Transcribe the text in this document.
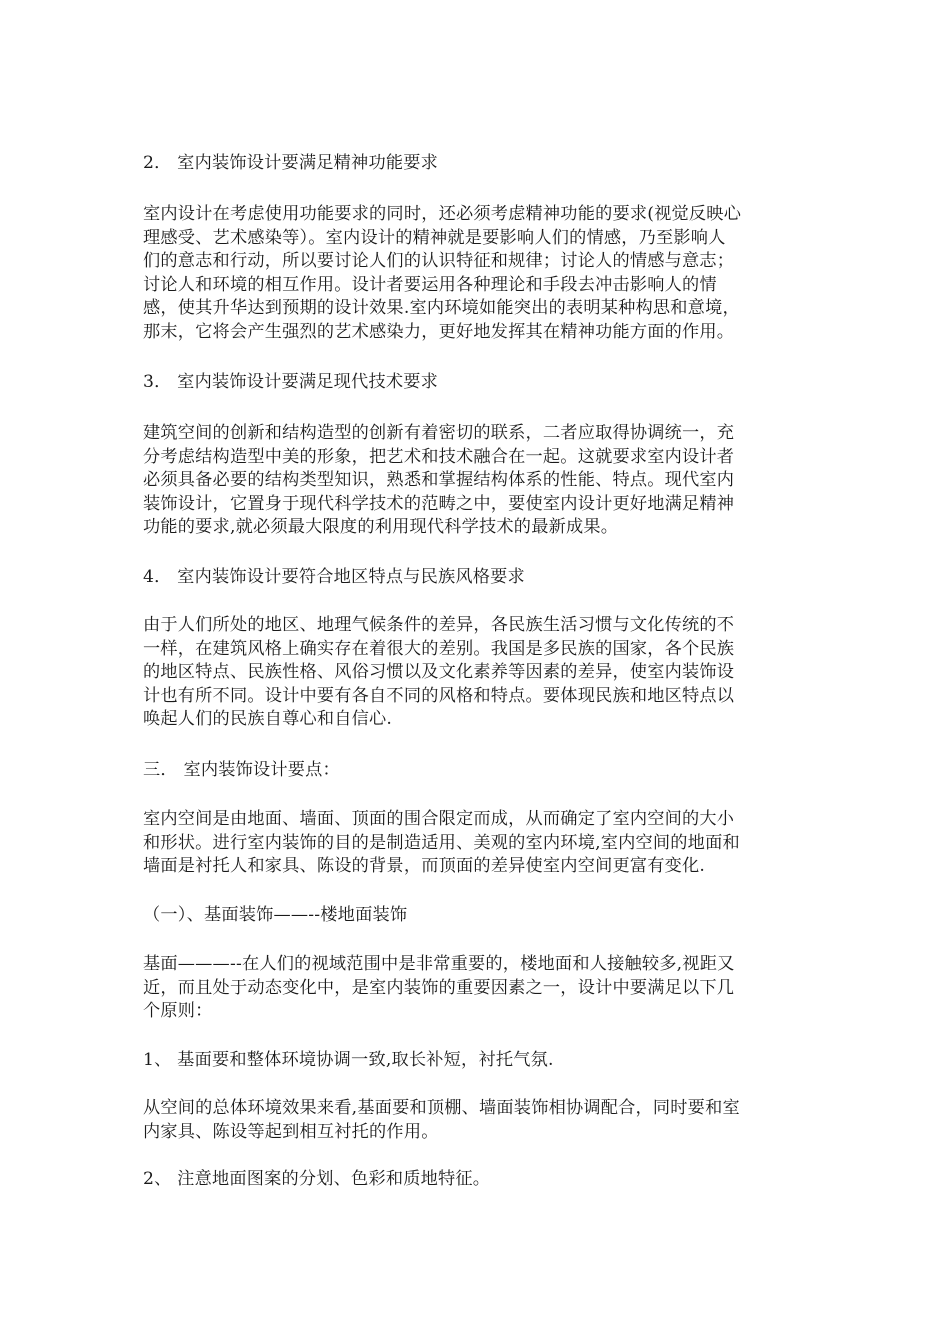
2． 室内装饰设计要满足精神功能要求

室内设计在考虑使用功能要求的同时，还必须考虑精神功能的要求(视觉反映心
理感受、艺术感染等）。室内设计的精神就是要影响人们的情感，乃至影响人
们的意志和行动，所以要讨论人们的认识特征和规律；讨论人的情感与意志；
讨论人和环境的相互作用。设计者要运用各种理论和手段去冲击影响人的情
感，使其升华达到预期的设计效果.室内环境如能突出的表明某种构思和意境，
那末，它将会产生强烈的艺术感染力，更好地发挥其在精神功能方面的作用。

3． 室内装饰设计要满足现代技术要求

建筑空间的创新和结构造型的创新有着密切的联系，二者应取得协调统一，充
分考虑结构造型中美的形象，把艺术和技术融合在一起。这就要求室内设计者
必须具备必要的结构类型知识，熟悉和掌握结构体系的性能、特点。现代室内
装饰设计，它置身于现代科学技术的范畴之中，要使室内设计更好地满足精神
功能的要求,就必须最大限度的利用现代科学技术的最新成果。

4． 室内装饰设计要符合地区特点与民族风格要求

由于人们所处的地区、地理气候条件的差异，各民族生活习惯与文化传统的不
一样，在建筑风格上确实存在着很大的差别。我国是多民族的国家，各个民族
的地区特点、民族性格、风俗习惯以及文化素养等因素的差异，使室内装饰设
计也有所不同。设计中要有各自不同的风格和特点。要体现民族和地区特点以
唤起人们的民族自尊心和自信心.

三． 室内装饰设计要点：

室内空间是由地面、墙面、顶面的围合限定而成，从而确定了室内空间的大小
和形状。进行室内装饰的目的是制造适用、美观的室内环境,室内空间的地面和
墙面是衬托人和家具、陈设的背景，而顶面的差异使室内空间更富有变化.

（一）、基面装饰——--楼地面装饰

基面———--在人们的视域范围中是非常重要的，楼地面和人接触较多,视距又
近，而且处于动态变化中，是室内装饰的重要因素之一，设计中要满足以下几
个原则：

1、 基面要和整体环境协调一致,取长补短，衬托气氛.

从空间的总体环境效果来看,基面要和顶棚、墙面装饰相协调配合，同时要和室
内家具、陈设等起到相互衬托的作用。

2、 注意地面图案的分划、色彩和质地特征。
